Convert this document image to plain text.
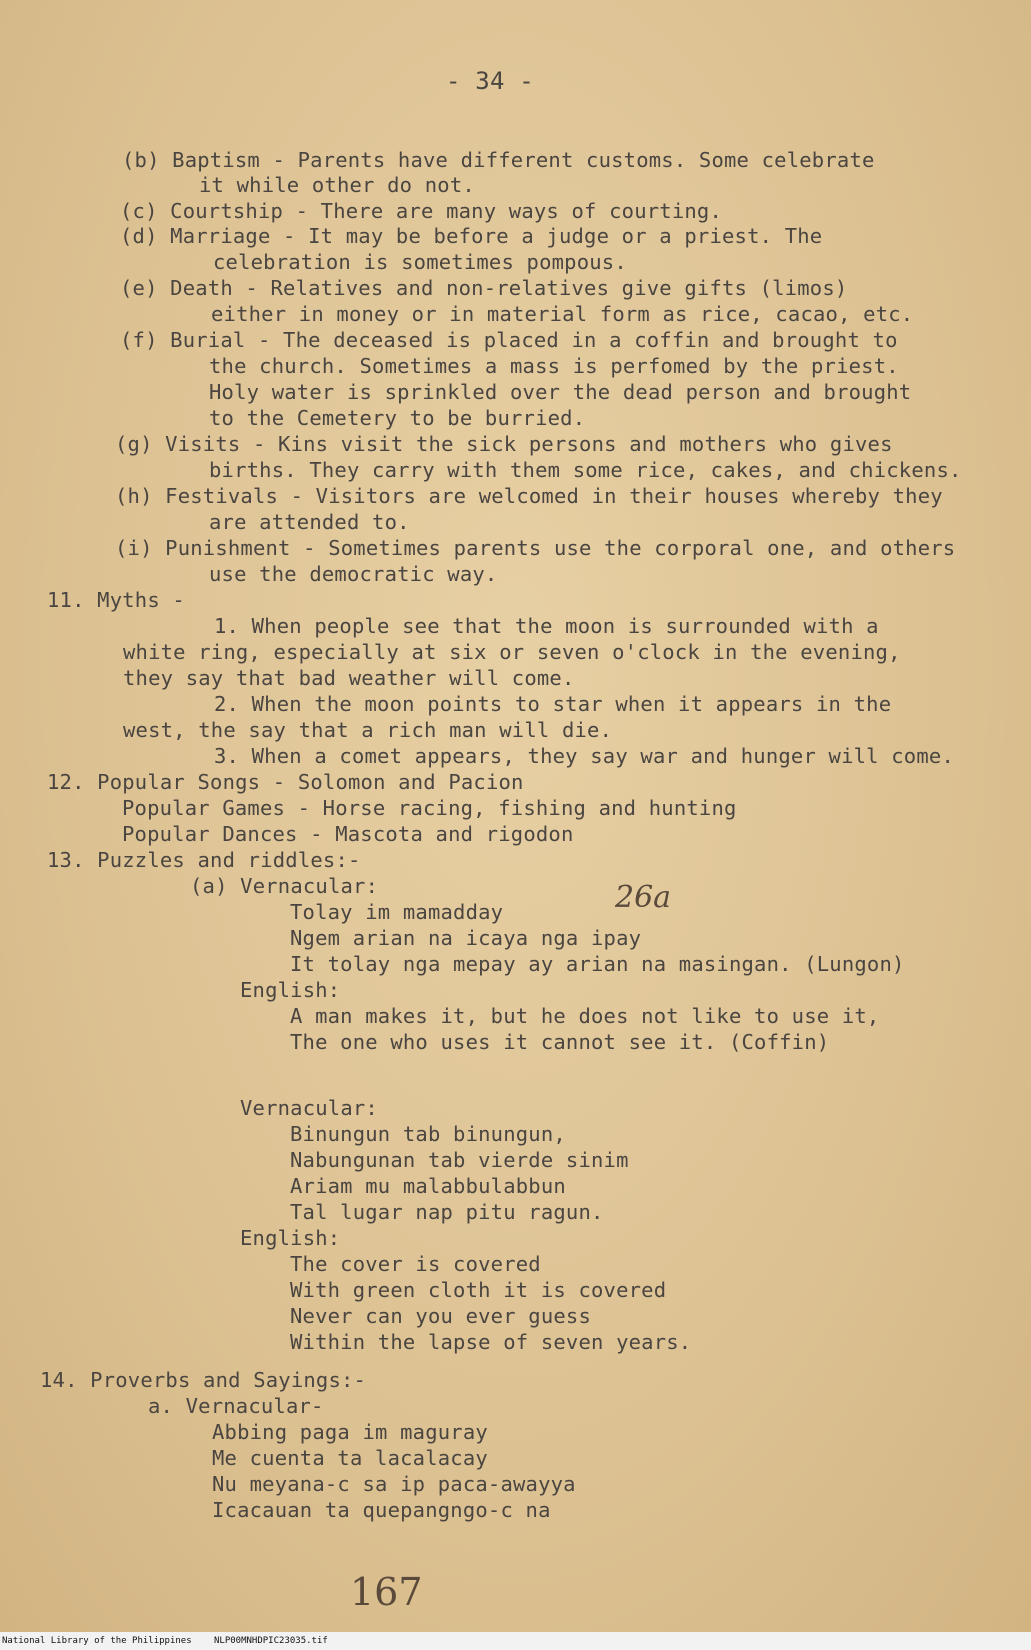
- 34 -
(b) Baptism - Parents have different customs. Some celebrate
it while other do not.
(c) Courtship - There are many ways of courting.
(d) Marriage - It may be before a judge or a priest. The
celebration is sometimes pompous.
(e) Death - Relatives and non-relatives give gifts (limos)
either in money or in material form as rice, cacao, etc.
(f) Burial - The deceased is placed in a coffin and brought to
the church. Sometimes a mass is perfomed by the priest.
Holy water is sprinkled over the dead person and brought
to the Cemetery to be burried.
(g) Visits - Kins visit the sick persons and mothers who gives
births. They carry with them some rice, cakes, and chickens.
(h) Festivals - Visitors are welcomed in their houses whereby they
are attended to.
(i) Punishment - Sometimes parents use the corporal one, and others
use the democratic way.
11. Myths -
1. When people see that the moon is surrounded with a
white ring, especially at six or seven o'clock in the evening,
they say that bad weather will come.
2. When the moon points to star when it appears in the
west, the say that a rich man will die.
3. When a comet appears, they say war and hunger will come.
12. Popular Songs - Solomon and Pacion
Popular Games - Horse racing, fishing and hunting
Popular Dances - Mascota and rigodon
13. Puzzles and riddles:-
(a) Vernacular:
Tolay im mamadday
Ngem arian na icaya nga ipay
It tolay nga mepay ay arian na masingan. (Lungon)
English:
A man makes it, but he does not like to use it,
The one who uses it cannot see it. (Coffin)
Vernacular:
Binungun tab binungun,
Nabungunan tab vierde sinim
Ariam mu malabbulabbun
Tal lugar nap pitu ragun.
English:
The cover is covered
With green cloth it is covered
Never can you ever guess
Within the lapse of seven years.
14. Proverbs and Sayings:-
a. Vernacular-
Abbing paga im maguray
Me cuenta ta lacalacay
Nu meyana-c sa ip paca-awayya
Icacauan ta quepangngo-c na
26a
167
National Library of the Philippines NLP00MNHDPIC23035.tif
